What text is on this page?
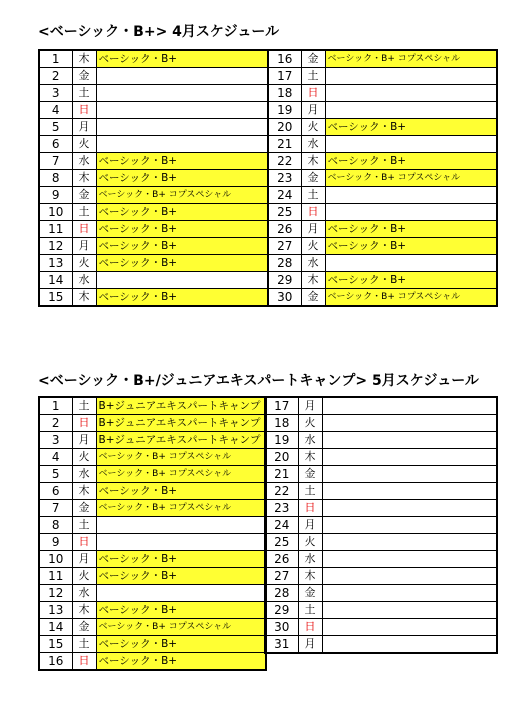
<ベーシック・B+> 4月スケジュール
1	木	ベーシック・B+	16	金	ベーシック・B+ コプスペシャル
2	金		17	土	
3	土		18	日	
4	日		19	月	
5	月		20	火	ベーシック・B+
6	火		21	水	
7	水	ベーシック・B+	22	木	ベーシック・B+
8	木	ベーシック・B+	23	金	ベーシック・B+ コプスペシャル
9	金	ベーシック・B+ コプスペシャル	24	土	
10	土	ベーシック・B+	25	日	
11	日	ベーシック・B+	26	月	ベーシック・B+
12	月	ベーシック・B+	27	火	ベーシック・B+
13	火	ベーシック・B+	28	水	
14	水		29	木	ベーシック・B+
15	木	ベーシック・B+	30	金	ベーシック・B+ コプスペシャル
<ベーシック・B+/ジュニアエキスパートキャンプ> 5月スケジュール
1	土	B+ジュニアエキスパートキャンプ
2	日	B+ジュニアエキスパートキャンプ
3	月	B+ジュニアエキスパートキャンプ
4	火	ベーシック・B+ コプスペシャル
5	水	ベーシック・B+ コプスペシャル
6	木	ベーシック・B+
7	金	ベーシック・B+ コプスペシャル
8	土	
9	日	
10	月	ベーシック・B+
11	火	ベーシック・B+
12	水	
13	木	ベーシック・B+
14	金	ベーシック・B+ コプスペシャル
15	土	ベーシック・B+
16	日	ベーシック・B+
17	月	
18	火	
19	水	
20	木	
21	金	
22	土	
23	日	
24	月	
25	火	
26	水	
27	木	
28	金	
29	土	
30	日	
31	月	
